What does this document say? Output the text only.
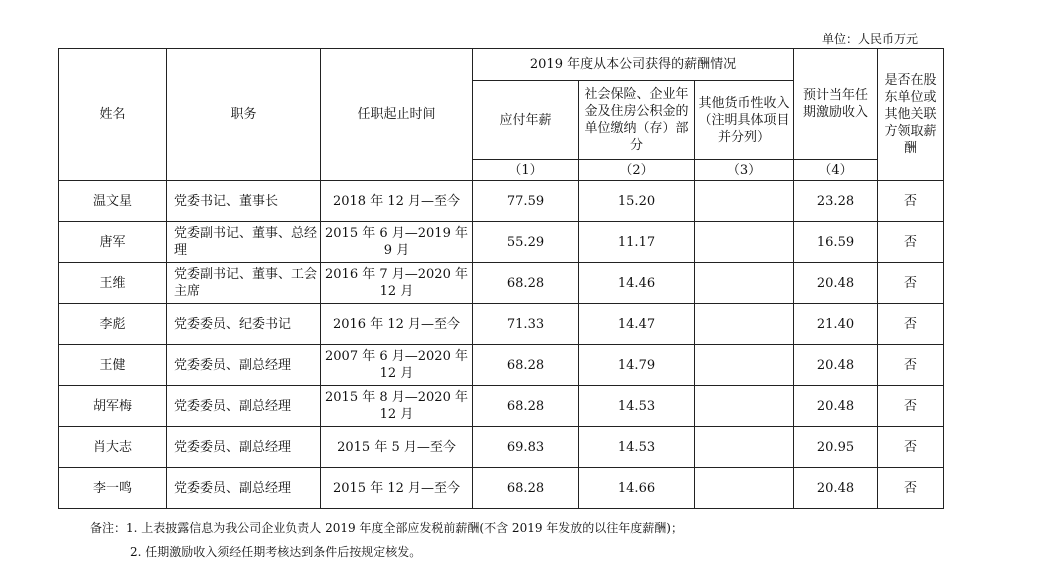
单位：人民币万元
姓名	职务	任职起止时间	2019 年度从本公司获得的薪酬情况			预计当年任期激励收入	是否在股东单位或其他关联方领取薪酬
			应付年薪	社会保险、企业年金及住房公积金的单位缴纳（存）部分	其他货币性收入（注明具体项目并分列）		
			（1）	（2）	（3）	（4）	
温文星	党委书记、董事长	2018 年 12 月—至今	77.59	15.20		23.28	否
唐军	党委副书记、董事、总经理	2015 年 6 月—2019 年 9 月	55.29	11.17		16.59	否
王维	党委副书记、董事、工会主席	2016 年 7 月—2020 年 12 月	68.28	14.46		20.48	否
李彪	党委委员、纪委书记	2016 年 12 月—至今	71.33	14.47		21.40	否
王健	党委委员、副总经理	2007 年 6 月—2020 年 12 月	68.28	14.79		20.48	否
胡军梅	党委委员、副总经理	2015 年 8 月—2020 年 12 月	68.28	14.53		20.48	否
肖大志	党委委员、副总经理	2015 年 5 月—至今	69.83	14.53		20.95	否
李一鸣	党委委员、副总经理	2015 年 12 月—至今	68.28	14.66		20.48	否
备注：1. 上表披露信息为我公司企业负责人 2019 年度全部应发税前薪酬(不含 2019 年发放的以往年度薪酬)；
2. 任期激励收入须经任期考核达到条件后按规定核发。
